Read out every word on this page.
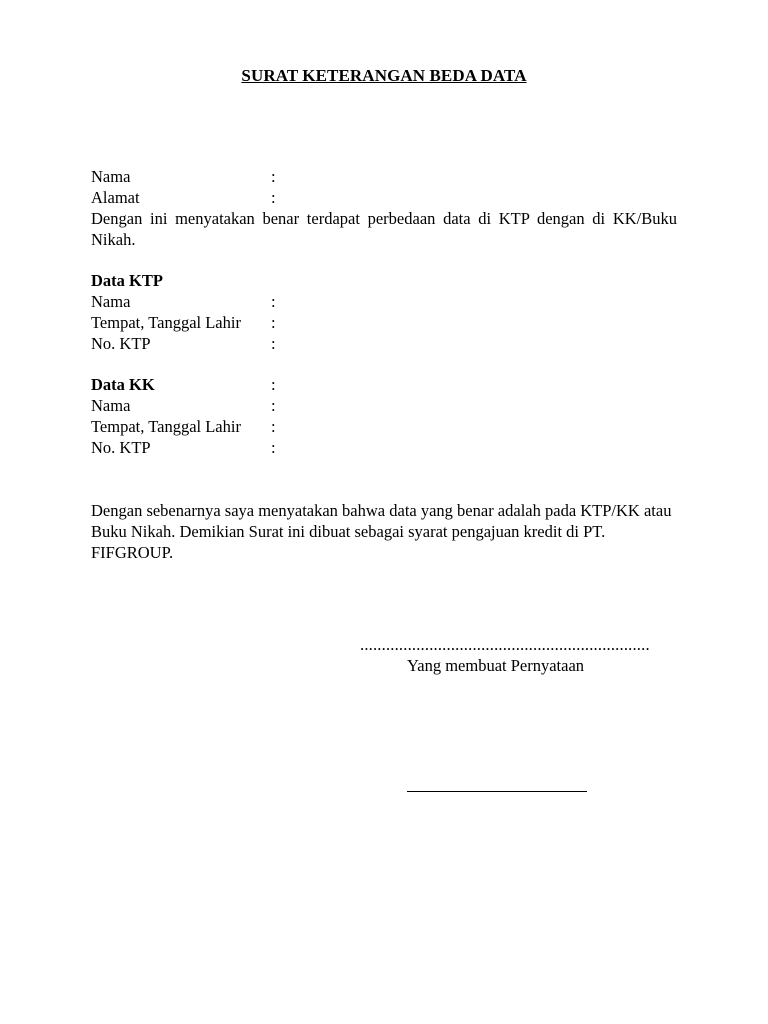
SURAT KETERANGAN BEDA DATA
Nama	:
Alamat	:
Dengan ini menyatakan benar terdapat perbedaan data di KTP dengan di KK/Buku Nikah.
Data KTP
Nama	:
Tempat, Tanggal Lahir :
No. KTP	:
Data KK	:
Nama	:
Tempat, Tanggal Lahir :
No. KTP	:
Dengan sebenarnya saya menyatakan bahwa data yang benar adalah pada KTP/KK atau Buku Nikah. Demikian Surat ini dibuat sebagai syarat pengajuan kredit di PT. FIFGROUP.
...................................................................
Yang membuat Pernyataan
